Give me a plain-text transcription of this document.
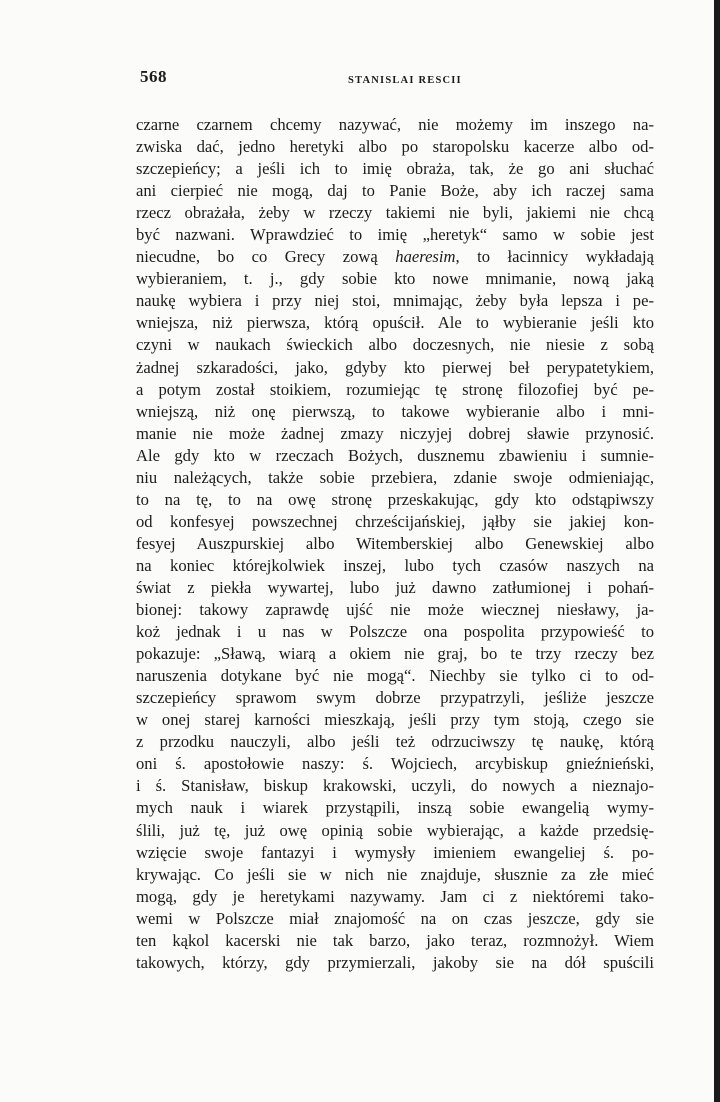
568	STANISLAI RESCII
czarne czarnem chcemy nazywać, nie możemy im inszego na-
zwiska dać, jedno heretyki albo po staropolsku kacerze albo od-
szczepieńcy; a jeśli ich to imię obraża, tak, że go ani słuchać
ani cierpieć nie mogą, daj to Panie Boże, aby ich raczej sama
rzecz obrażała, żeby w rzeczy takiemi nie byli, jakiemi nie chcą
być nazwani. Wprawdzieć to imię „heretyk“ samo w sobie jest
niecudne, bo co Grecy zową haeresim, to łacinnicy wykładają
wybieraniem, t. j., gdy sobie kto nowe mnimanie, nową jaką
naukę wybiera i przy niej stoi, mnimając, żeby była lepsza i pe-
wniejsza, niż pierwsza, którą opuścił. Ale to wybieranie jeśli kto
czyni w naukach świeckich albo doczesnych, nie niesie z sobą
żadnej szkaradości, jako, gdyby kto pierwej beł perypatetykiem,
a potym został stoikiem, rozumiejąc tę stronę filozofiej być pe-
wniejszą, niż onę pierwszą, to takowe wybieranie albo i mni-
manie nie może żadnej zmazy niczyjej dobrej sławie przynosić.
Ale gdy kto w rzeczach Bożych, dusznemu zbawieniu i sumnie-
niu należących, także sobie przebiera, zdanie swoje odmieniając,
to na tę, to na owę stronę przeskakując, gdy kto odstąpiwszy
od konfesyej powszechnej chrześcijańskiej, jąłby sie jakiej kon-
fesyej Auszpurskiej albo Witemberskiej albo Genewskiej albo
na koniec którejkolwiek inszej, lubo tych czasów naszych na
świat z piekła wywartej, lubo już dawno zatłumionej i pohań-
bionej: takowy zaprawdę ujść nie może wiecznej niesławy, ja-
koż jednak i u nas w Polszcze ona pospolita przypowieść to
pokazuje: „Sławą, wiarą a okiem nie graj, bo te trzy rzeczy bez
naruszenia dotykane być nie mogą“. Niechby sie tylko ci to od-
szczepieńcy sprawom swym dobrze przypatrzyli, jeśliże jeszcze
w onej starej karności mieszkają, jeśli przy tym stoją, czego sie
z przodku nauczyli, albo jeśli też odrzuciwszy tę naukę, którą
oni ś. apostołowie naszy: ś. Wojciech, arcybiskup gnieźnieński,
i ś. Stanisław, biskup krakowski, uczyli, do nowych a nieznajo-
mych nauk i wiarek przystąpili, inszą sobie ewangelią wymy-
ślili, już tę, już owę opinią sobie wybierając, a każde przedsię-
wzięcie swoje fantazyi i wymysły imieniem ewangeliej ś. po-
krywając. Co jeśli sie w nich nie znajduje, słusznie za złe mieć
mogą, gdy je heretykami nazywamy. Jam ci z niektóremi tako-
wemi w Polszcze miał znajomość na on czas jeszcze, gdy sie
ten kąkol kacerski nie tak barzo, jako teraz, rozmnożył. Wiem
takowych, którzy, gdy przymierzali, jakoby sie na dół spuścili
